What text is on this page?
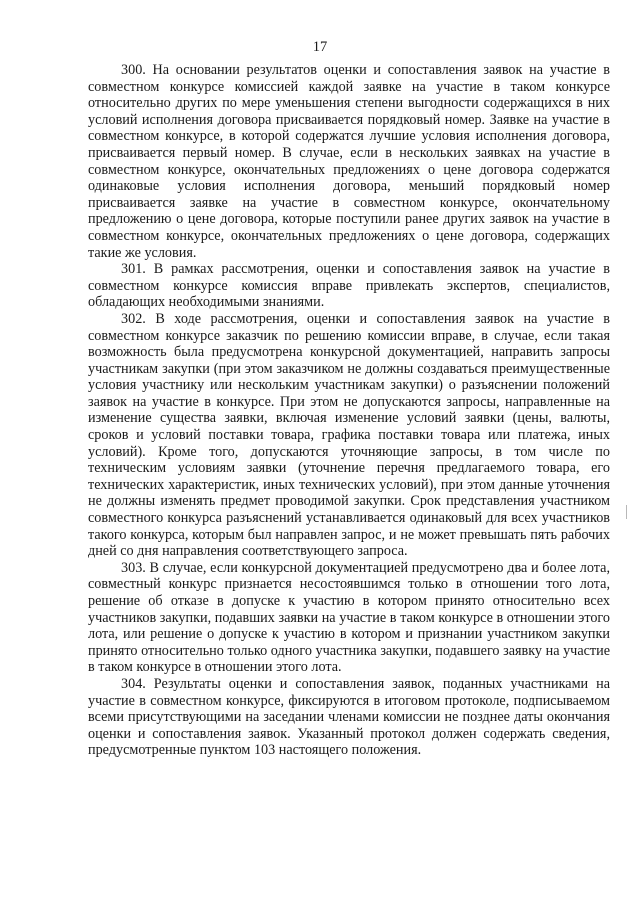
17

300. На основании результатов оценки и сопоставления заявок на участие в совместном конкурсе комиссией каждой заявке на участие в таком конкурсе относительно других по мере уменьшения степени выгодности содержащихся в них условий исполнения договора присваивается порядковый номер. Заявке на участие в совместном конкурсе, в которой содержатся лучшие условия исполнения договора, присваивается первый номер. В случае, если в нескольких заявках на участие в совместном конкурсе, окончательных предложениях о цене договора содержатся одинаковые условия исполнения договора, меньший порядковый номер присваивается заявке на участие в совместном конкурсе, окончательному предложению о цене договора, которые поступили ранее других заявок на участие в совместном конкурсе, окончательных предложениях о цене договора, содержащих такие же условия.

301. В рамках рассмотрения, оценки и сопоставления заявок на участие в совместном конкурсе комиссия вправе привлекать экспертов, специалистов, обладающих необходимыми знаниями.

302. В ходе рассмотрения, оценки и сопоставления заявок на участие в совместном конкурсе заказчик по решению комиссии вправе, в случае, если такая возможность была предусмотрена конкурсной документацией, направить запросы участникам закупки (при этом заказчиком не должны создаваться преимущественные условия участнику или нескольким участникам закупки) о разъяснении положений заявок на участие в конкурсе. При этом не допускаются запросы, направленные на изменение существа заявки, включая изменение условий заявки (цены, валюты, сроков и условий поставки товара, графика поставки товара или платежа, иных условий). Кроме того, допускаются уточняющие запросы, в том числе по техническим условиям заявки (уточнение перечня предлагаемого товара, его технических характеристик, иных технических условий), при этом данные уточнения не должны изменять предмет проводимой закупки. Срок представления участником совместного конкурса разъяснений устанавливается одинаковый для всех участников такого конкурса, которым был направлен запрос, и не может превышать пять рабочих дней со дня направления соответствующего запроса.

303. В случае, если конкурсной документацией предусмотрено два и более лота, совместный конкурс признается несостоявшимся только в отношении того лота, решение об отказе в допуске к участию в котором принято относительно всех участников закупки, подавших заявки на участие в таком конкурсе в отношении этого лота, или решение о допуске к участию в котором и признании участником закупки принято относительно только одного участника закупки, подавшего заявку на участие в таком конкурсе в отношении этого лота.

304. Результаты оценки и сопоставления заявок, поданных участниками на участие в совместном конкурсе, фиксируются в итоговом протоколе, подписываемом всеми присутствующими на заседании членами комиссии не позднее даты окончания оценки и сопоставления заявок. Указанный протокол должен содержать сведения, предусмотренные пунктом 103 настоящего положения.
